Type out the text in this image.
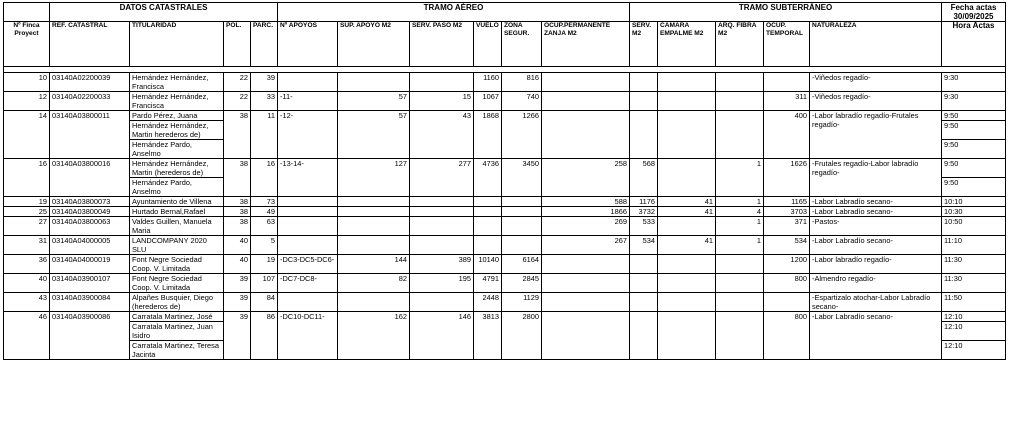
	DATOS CATASTRALES				TRAMO AÉREO						TRAMO SUBTERRÁNEO					Fecha actas
30/09/2025

Nº Finca Proyect	REF. CATASTRAL	TITULARIDAD	POL.	PARC.	Nº APOYOS	SUP. APOYO M2	SERV. PASO M2	VUELO	ZONA SEGUR.	OCUP.PERMANENTE ZANJA M2	SERV. M2	CAMARA EMPALME M2	ARQ. FIBRA M2	OCUP. TEMPORAL	NATURALEZA	Hora Actas

10	03140A02200039	Hernández Hernández, Francisca	22	39				1160	816						-Viñedos regadío-	9:30
12	03140A02200033	Hernández Hernández, Francisca	22	33	-11-	57	15	1067	740					311	-Viñedos regadío-	9:30
14	03140A03800011	Pardo Pérez, Juana	38	11	-12-	57	43	1868	1266					400	-Labor labradío regadío-Frutales regadío-	9:50
		Hernández Hernández, Martin herederos de)														9:50
		Hernández Pardo, Anselmo														9:50
16	03140A03800016	Hernández Hernández, Martin (herederos de)	38	16	-13-14-	127	277	4736	3450	258	568		1	1626	-Frutales regadío-Labor labradío regadío-	9:50
		Hernández Pardo, Anselmo														9:50
19	03140A03800073	Ayuntamiento de Villena	38	73						588	1176	41	1	1165	-Labor Labradío secano-	10:10
25	03140A03800049	Hurtado Bernal,Rafael	38	49						1866	3732	41	4	3703	-Labor Labradío secano-	10:30
27	03140A03800063	Valdes Guillen, Manuela Maria	38	63						269	533		1	371	-Pastos-	10:50
31	03140A04000005	LANDCOMPANY 2020 SLU	40	5						267	534	41	1	534	-Labor Labradío secano-	11:10
36	03140A04000019	Font Negre Sociedad Coop. V. Limitada	40	19	-DC3-DC5-DC6-	144	389	10140	6164					1200	-Labor labradío regadío-	11:30
40	03140A03900107	Font Negre Sociedad Coop. V. Limitada	39	107	-DC7-DC8-	82	195	4791	2845					800	-Almendro regadío-	11:30
43	03140A03900084	Alpañes Busquier, Diego (herederos de)	39	84				2448	1129						-Espartizalo atochar-Labor Labradío secano-	11:50
46	03140A03900086	Carratala Martinez, José	39	86	-DC10-DC11-	162	146	3813	2800					800	-Labor Labradío secano-	12:10
		Carratala Martinez, Juan Isidro														12:10
		Carratala Martinez, Teresa Jacinta														12:10
